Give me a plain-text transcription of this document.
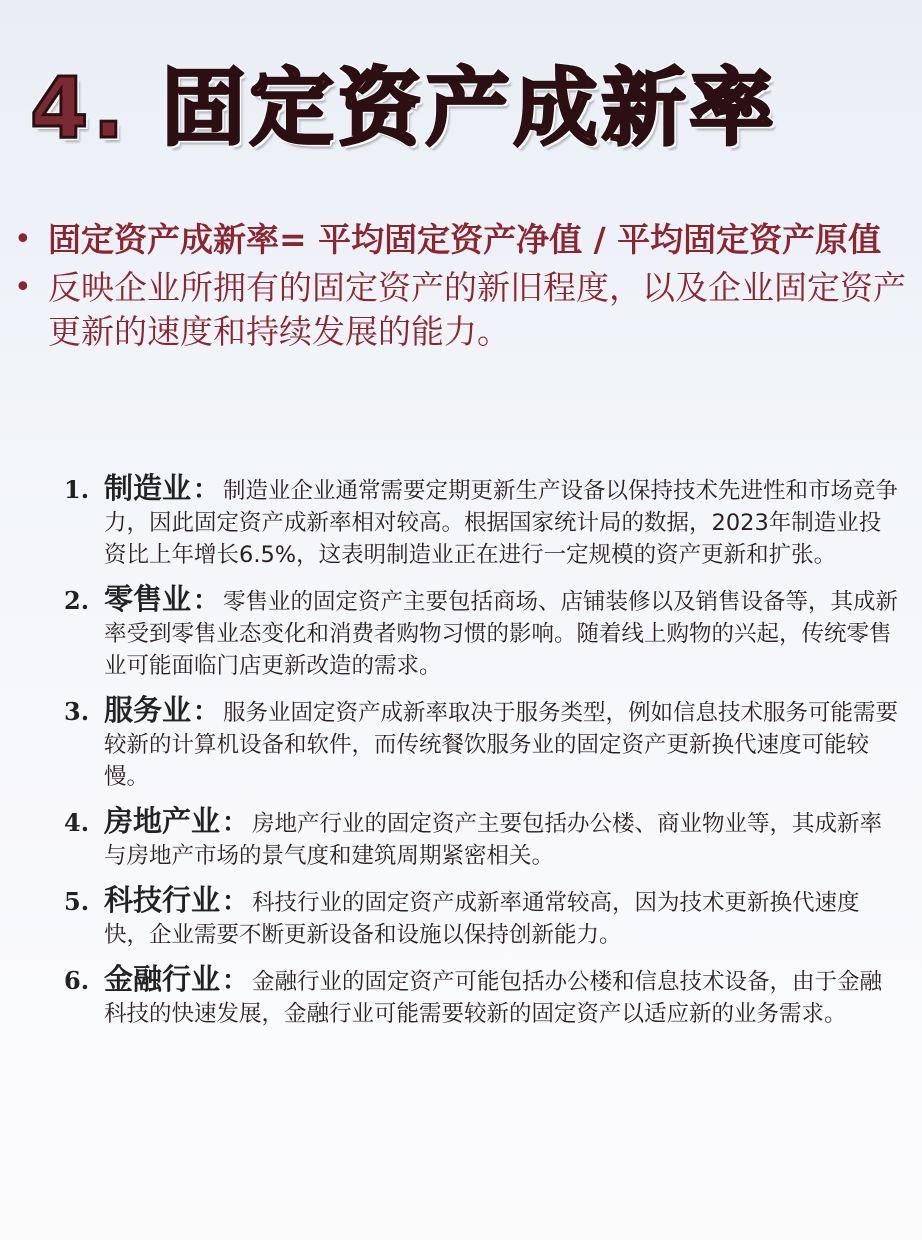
4. 固定资产成新率
• 固定资产成新率= 平均固定资产净值 / 平均固定资产原值
• 反映企业所拥有的固定资产的新旧程度，以及企业固定资产更新的速度和持续发展的能力。
1. 制造业： 制造业企业通常需要定期更新生产设备以保持技术先进性和市场竞争力，因此固定资产成新率相对较高。根据国家统计局的数据，2023年制造业投资比上年增长6.5%，这表明制造业正在进行一定规模的资产更新和扩张。
2. 零售业： 零售业的固定资产主要包括商场、店铺装修以及销售设备等，其成新率受到零售业态变化和消费者购物习惯的影响。随着线上购物的兴起，传统零售业可能面临门店更新改造的需求。
3. 服务业： 服务业固定资产成新率取决于服务类型，例如信息技术服务可能需要较新的计算机设备和软件，而传统餐饮服务业的固定资产更新换代速度可能较慢。
4. 房地产业： 房地产行业的固定资产主要包括办公楼、商业物业等，其成新率与房地产市场的景气度和建筑周期紧密相关。
5. 科技行业： 科技行业的固定资产成新率通常较高，因为技术更新换代速度快，企业需要不断更新设备和设施以保持创新能力。
6. 金融行业： 金融行业的固定资产可能包括办公楼和信息技术设备，由于金融科技的快速发展，金融行业可能需要较新的固定资产以适应新的业务需求。
